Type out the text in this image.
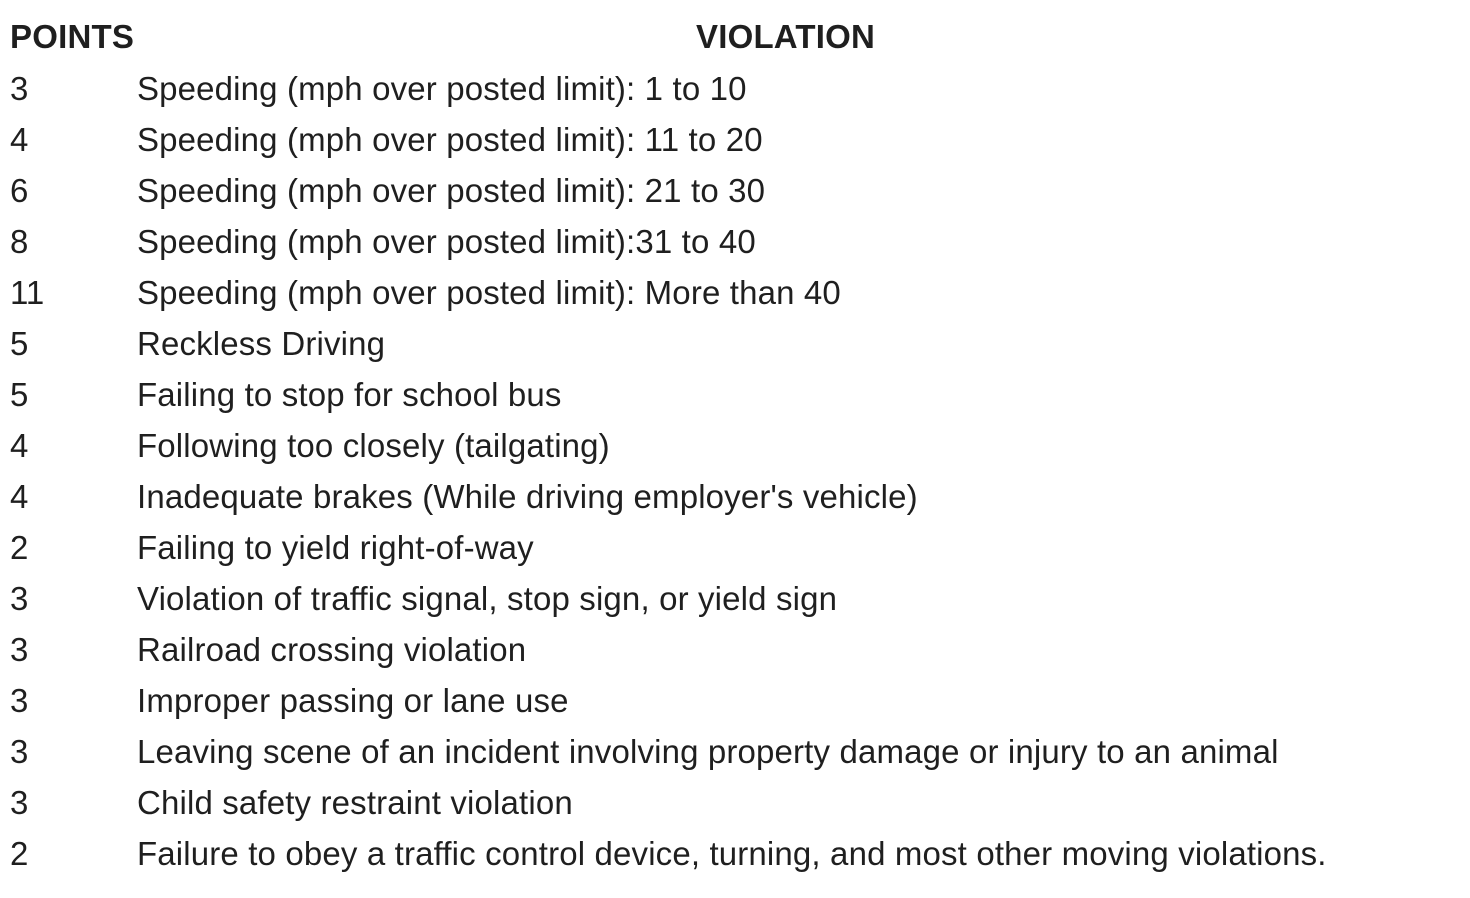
POINTS	VIOLATION
3	Speeding (mph over posted limit): 1 to 10
4	Speeding (mph over posted limit): 11 to 20
6	Speeding (mph over posted limit): 21 to 30
8	Speeding (mph over posted limit):31 to 40
11	Speeding (mph over posted limit): More than 40
5	Reckless Driving
5	Failing to stop for school bus
4	Following too closely (tailgating)
4	Inadequate brakes (While driving employer's vehicle)
2	Failing to yield right-of-way
3	Violation of traffic signal, stop sign, or yield sign
3	Railroad crossing violation
3	Improper passing or lane use
3	Leaving scene of an incident involving property damage or injury to an animal
3	Child safety restraint violation
2	Failure to obey a traffic control device, turning, and most other moving violations.
